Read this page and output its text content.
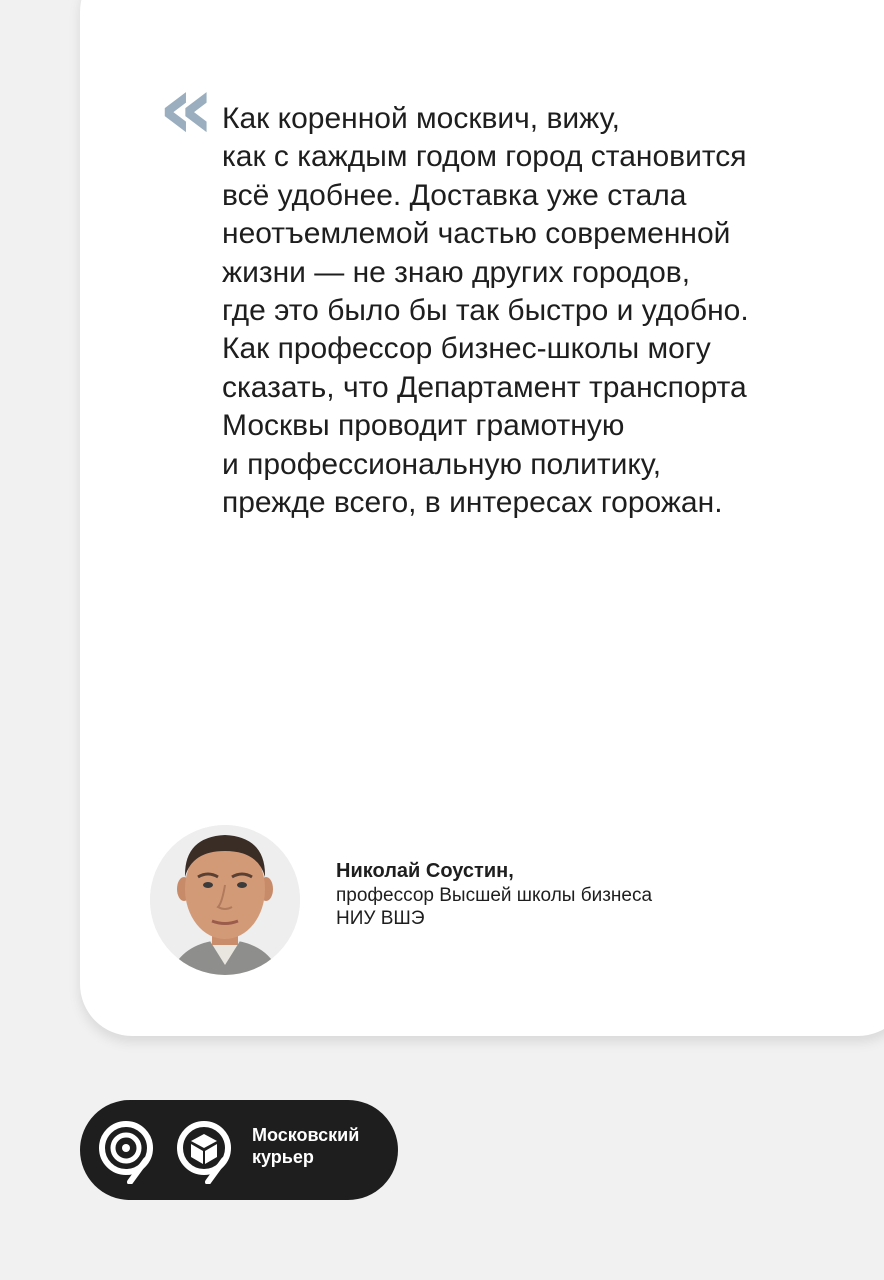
« Как коренной москвич, вижу,
как с каждым годом город становится
всё удобнее. Доставка уже стала
неотъемлемой частью современной
жизни — не знаю других городов,
где это было бы так быстро и удобно.
Как профессор бизнес-школы могу
сказать, что Департамент транспорта
Москвы проводит грамотную
и профессиональную политику,
прежде всего, в интересах горожан.
Николай Соустин,
профессор Высшей школы бизнеса
НИУ ВШЭ
Московский
курьер
